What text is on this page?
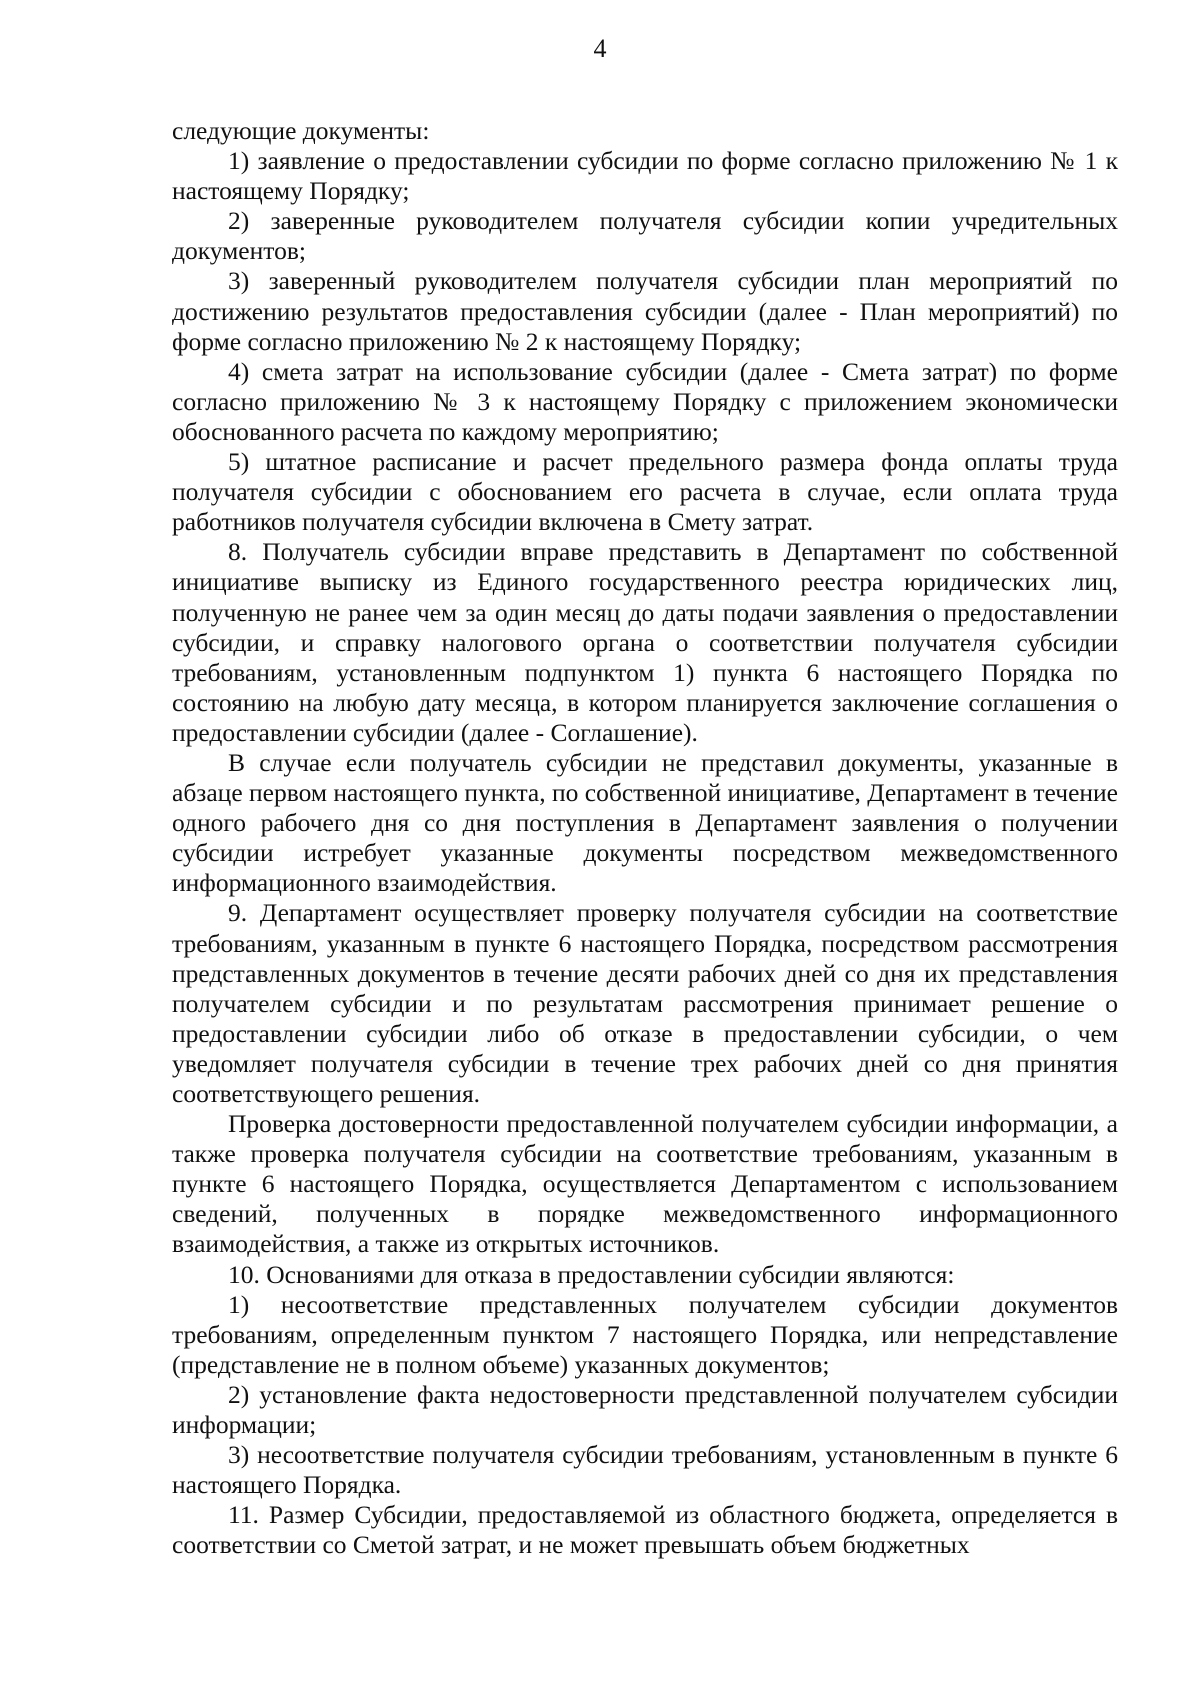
4

следующие документы:

1) заявление о предоставлении субсидии по форме согласно приложению № 1 к настоящему Порядку;

2) заверенные руководителем получателя субсидии копии учредительных документов;

3) заверенный руководителем получателя субсидии план мероприятий по достижению результатов предоставления субсидии (далее - План мероприятий) по форме согласно приложению № 2 к настоящему Порядку;

4) смета затрат на использование субсидии (далее - Смета затрат) по форме согласно приложению № 3 к настоящему Порядку с приложением экономически обоснованного расчета по каждому мероприятию;

5) штатное расписание и расчет предельного размера фонда оплаты труда получателя субсидии с обоснованием его расчета в случае, если оплата труда работников получателя субсидии включена в Смету затрат.

8. Получатель субсидии вправе представить в Департамент по собственной инициативе выписку из Единого государственного реестра юридических лиц, полученную не ранее чем за один месяц до даты подачи заявления о предоставлении субсидии, и справку налогового органа о соответствии получателя субсидии требованиям, установленным подпунктом 1) пункта 6 настоящего Порядка по состоянию на любую дату месяца, в котором планируется заключение соглашения о предоставлении субсидии (далее - Соглашение).

В случае если получатель субсидии не представил документы, указанные в абзаце первом настоящего пункта, по собственной инициативе, Департамент в течение одного рабочего дня со дня поступления в Департамент заявления о получении субсидии истребует указанные документы посредством межведомственного информационного взаимодействия.

9. Департамент осуществляет проверку получателя субсидии на соответствие требованиям, указанным в пункте 6 настоящего Порядка, посредством рассмотрения представленных документов в течение десяти рабочих дней со дня их представления получателем субсидии и по результатам рассмотрения принимает решение о предоставлении субсидии либо об отказе в предоставлении субсидии, о чем уведомляет получателя субсидии в течение трех рабочих дней со дня принятия соответствующего решения.

Проверка достоверности предоставленной получателем субсидии информации, а также проверка получателя субсидии на соответствие требованиям, указанным в пункте 6 настоящего Порядка, осуществляется Департаментом с использованием сведений, полученных в порядке межведомственного информационного взаимодействия, а также из открытых источников.

10. Основаниями для отказа в предоставлении субсидии являются:

1) несоответствие представленных получателем субсидии документов требованиям, определенным пунктом 7 настоящего Порядка, или непредставление (представление не в полном объеме) указанных документов;

2) установление факта недостоверности представленной получателем субсидии информации;

3) несоответствие получателя субсидии требованиям, установленным в пункте 6 настоящего Порядка.

11. Размер Субсидии, предоставляемой из областного бюджета, определяется в соответствии со Сметой затрат, и не может превышать объем бюджетных
